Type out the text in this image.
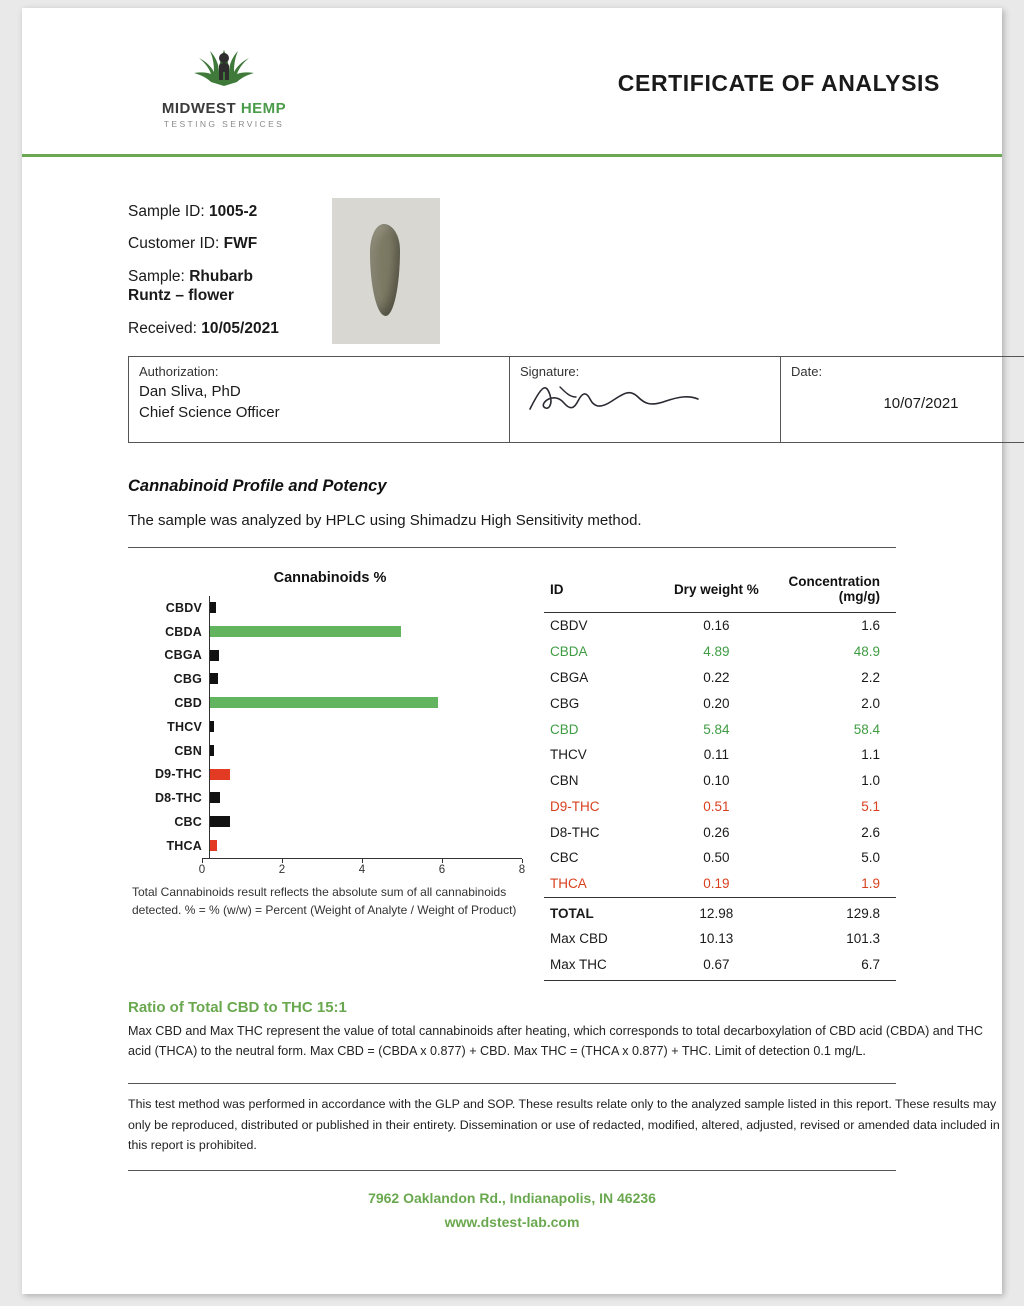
MIDWEST HEMP
TESTING SERVICES
CERTIFICATE OF ANALYSIS
Sample ID: 1005-2
Customer ID: FWF
Sample: Rhubarb
Runtz – flower
Received: 10/05/2021
Authorization:
Dan Sliva, PhD
Chief Science Officer

Signature:	Date:
10/07/2021
Cannabinoid Profile and Potency
The sample was analyzed by HPLC using Shimadzu High Sensitivity method.
Cannabinoids %
CBDV
CBDA
CBGA
CBG
CBD
THCV
CBN
D9-THC
D8-THC
CBC
THCA
0	2	4	6	8
Total Cannabinoids result reflects the absolute sum of all cannabinoids detected. % = % (w/w) = Percent (Weight of Analyte / Weight of Product)
ID	Dry weight %	Concentration (mg/g)
CBDV	0.16	1.6
CBDA	4.89	48.9
CBGA	0.22	2.2
CBG	0.20	2.0
CBD	5.84	58.4
THCV	0.11	1.1
CBN	0.10	1.0
D9-THC	0.51	5.1
D8-THC	0.26	2.6
CBC	0.50	5.0
THCA	0.19	1.9
TOTAL	12.98	129.8
Max CBD	10.13	101.3
Max THC	0.67	6.7
Ratio of Total CBD to THC 15:1
Max CBD and Max THC represent the value of total cannabinoids after heating, which corresponds to total decarboxylation of CBD acid (CBDA) and THC acid (THCA) to the neutral form. Max CBD = (CBDA x 0.877) + CBD. Max THC = (THCA x 0.877) + THC. Limit of detection 0.1 mg/L.
This test method was performed in accordance with the GLP and SOP. These results relate only to the analyzed sample listed in this report. These results may only be reproduced, distributed or published in their entirety. Dissemination or use of redacted, modified, altered, adjusted, revised or amended data included in this report is prohibited.
7962 Oaklandon Rd., Indianapolis, IN 46236
www.dstest-lab.com
